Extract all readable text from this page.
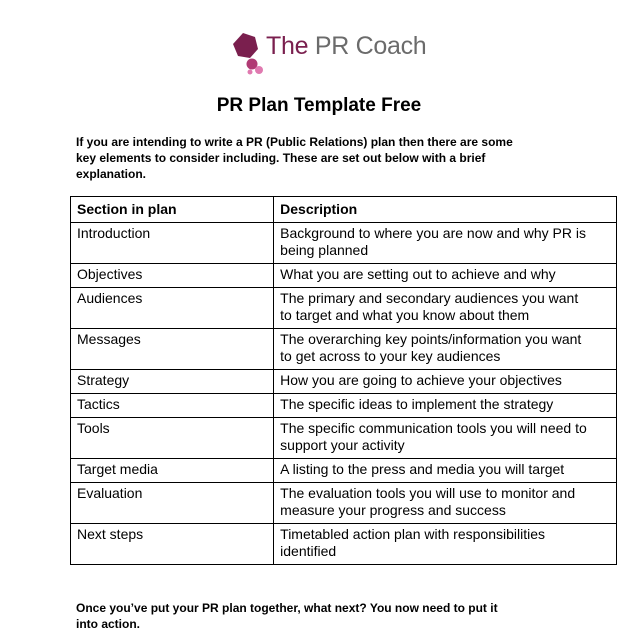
The PR Coach
PR Plan Template Free
If you are intending to write a PR (Public Relations) plan then there are some
key elements to consider including. These are set out below with a brief
explanation.
Section in plan	Description
Introduction	Background to where you are now and why PR is
being planned

Objectives	What you are setting out to achieve and why

Audiences	The primary and secondary audiences you want
to target and what you know about them

Messages	The overarching key points/information you want
to get across to your key audiences

Strategy	How you are going to achieve your objectives

Tactics	The specific ideas to implement the strategy

Tools	The specific communication tools you will need to
support your activity

Target media	A listing to the press and media you will target

Evaluation	The evaluation tools you will use to monitor and
measure your progress and success

Next steps	Timetabled action plan with responsibilities
identified
Once you’ve put your PR plan together, what next? You now need to put it
into action.
